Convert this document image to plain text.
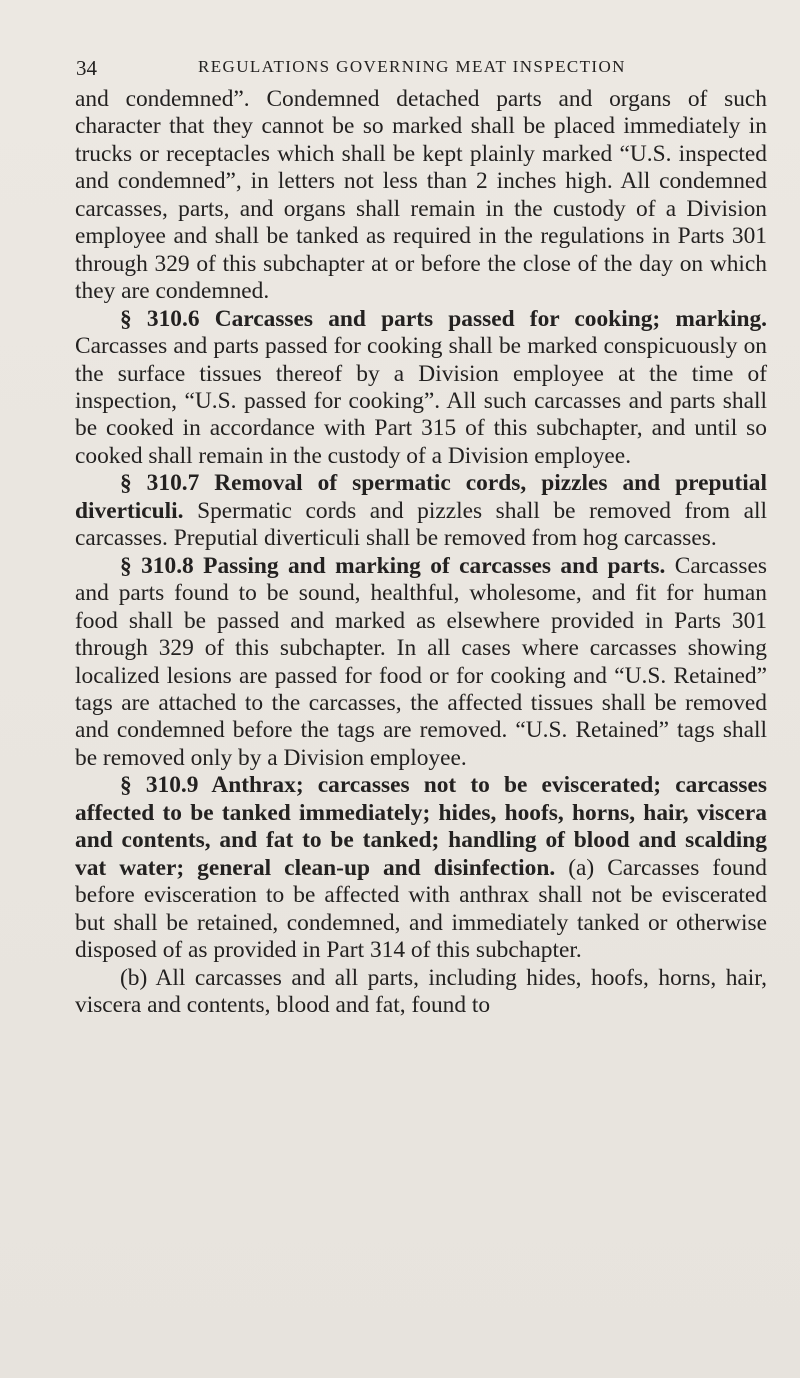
34	REGULATIONS GOVERNING MEAT INSPECTION

and condemned”. Condemned detached parts and organs of such character that they cannot be so marked shall be placed immediately in trucks or receptacles which shall be kept plainly marked “U.S. inspected and condemned”, in letters not less than 2 inches high. All condemned carcasses, parts, and organs shall remain in the custody of a Division employee and shall be tanked as required in the regulations in Parts 301 through 329 of this subchapter at or before the close of the day on which they are condemned.

§ 310.6 Carcasses and parts passed for cooking; marking. Carcasses and parts passed for cooking shall be marked conspicuously on the surface tissues thereof by a Division employee at the time of inspection, “U.S. passed for cooking”. All such carcasses and parts shall be cooked in accordance with Part 315 of this subchapter, and until so cooked shall remain in the custody of a Division employee.

§ 310.7 Removal of spermatic cords, pizzles and preputial diverticuli. Spermatic cords and pizzles shall be removed from all carcasses. Preputial diverticuli shall be removed from hog carcasses.

§ 310.8 Passing and marking of carcasses and parts. Carcasses and parts found to be sound, healthful, wholesome, and fit for human food shall be passed and marked as elsewhere provided in Parts 301 through 329 of this subchapter. In all cases where carcasses showing localized lesions are passed for food or for cooking and “U.S. Retained” tags are attached to the carcasses, the affected tissues shall be removed and condemned before the tags are removed. “U.S. Retained” tags shall be removed only by a Division employee.

§ 310.9 Anthrax; carcasses not to be eviscerated; carcasses affected to be tanked immediately; hides, hoofs, horns, hair, viscera and contents, and fat to be tanked; handling of blood and scalding vat water; general clean-up and disinfection. (a) Carcasses found before evisceration to be affected with anthrax shall not be eviscerated but shall be retained, condemned, and immediately tanked or otherwise disposed of as provided in Part 314 of this subchapter.

(b) All carcasses and all parts, including hides, hoofs, horns, hair, viscera and contents, blood and fat, found to
